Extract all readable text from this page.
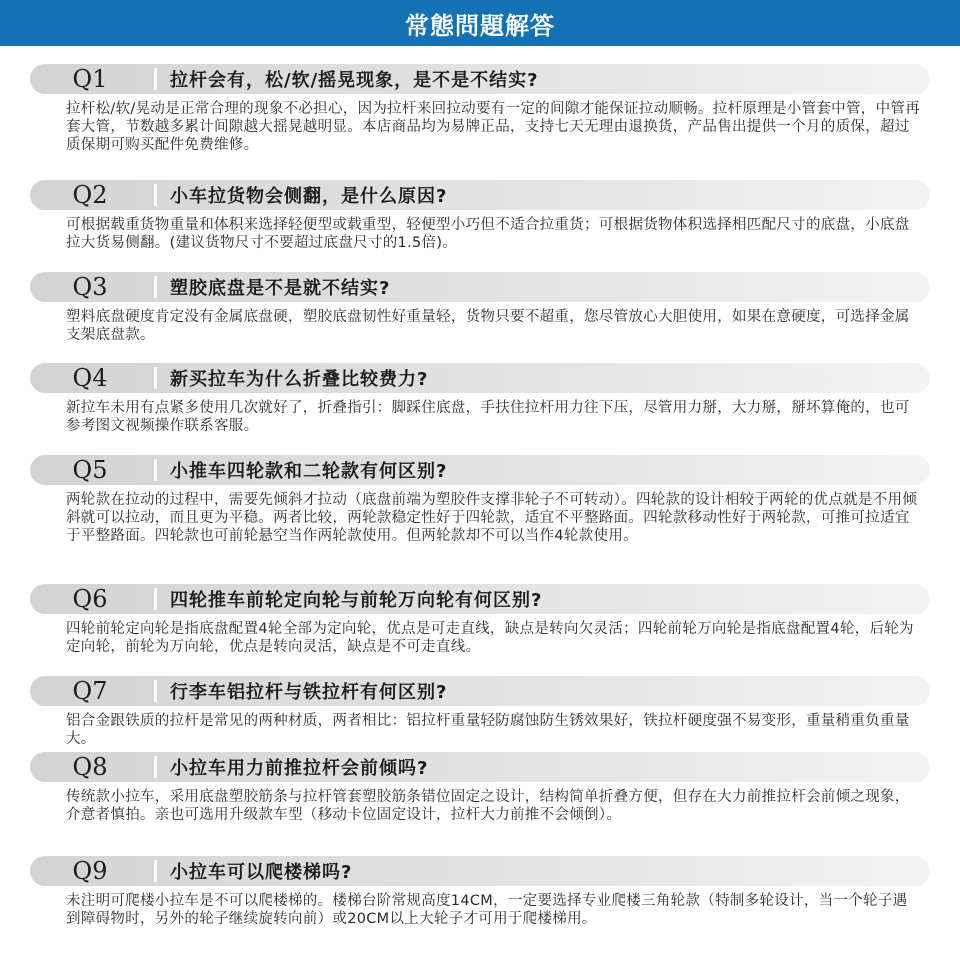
常態問題解答
Q1	拉杆会有，松/软/摇晃现象，是不是不结实?
拉杆松/软/晃动是正常合理的现象不必担心，因为拉杆来回拉动要有一定的间隙才能保证拉动顺畅。拉杆原理是小管套中管，中管再套大管，节数越多累计间隙越大摇晃越明显。本店商品均为易牌正品，支持七天无理由退换货，产品售出提供一个月的质保，超过质保期可购买配件免费维修。
Q2	小车拉货物会侧翻，是什么原因?
可根据载重货物重量和体积来选择轻便型或载重型，轻便型小巧但不适合拉重货；可根据货物体积选择相匹配尺寸的底盘，小底盘拉大货易侧翻。(建议货物尺寸不要超过底盘尺寸的1.5倍)。
Q3	塑胶底盘是不是就不结实?
塑料底盘硬度肯定没有金属底盘硬，塑胶底盘韧性好重量轻，货物只要不超重，您尽管放心大胆使用，如果在意硬度，可选择金属支架底盘款。
Q4	新买拉车为什么折叠比较费力?
新拉车未用有点紧多使用几次就好了，折叠指引：脚踩住底盘，手扶住拉杆用力往下压，尽管用力掰，大力掰，掰坏算俺的，也可参考图文视频操作联系客服。
Q5	小推车四轮款和二轮款有何区别?
两轮款在拉动的过程中，需要先倾斜才拉动（底盘前端为塑胶件支撑非轮子不可转动）。四轮款的设计相较于两轮的优点就是不用倾斜就可以拉动，而且更为平稳。两者比较，两轮款稳定性好于四轮款，适宜不平整路面。四轮款移动性好于两轮款，可推可拉适宜于平整路面。四轮款也可前轮悬空当作两轮款使用。但两轮款却不可以当作4轮款使用。
Q6	四轮推车前轮定向轮与前轮万向轮有何区别?
四轮前轮定向轮是指底盘配置4轮全部为定向轮，优点是可走直线，缺点是转向欠灵活；四轮前轮万向轮是指底盘配置4轮，后轮为定向轮，前轮为万向轮，优点是转向灵活，缺点是不可走直线。
Q7	行李车铝拉杆与铁拉杆有何区别?
铝合金跟铁质的拉杆是常见的两种材质，两者相比：铝拉杆重量轻防腐蚀防生锈效果好，铁拉杆硬度强不易变形，重量稍重负重量大。
Q8	小拉车用力前推拉杆会前倾吗?
传统款小拉车，采用底盘塑胶筋条与拉杆管套塑胶筋条错位固定之设计，结构简单折叠方便，但存在大力前推拉杆会前倾之现象，介意者慎拍。亲也可选用升级款车型（移动卡位固定设计，拉杆大力前推不会倾倒）。
Q9	小拉车可以爬楼梯吗?
未注明可爬楼小拉车是不可以爬楼梯的。楼梯台阶常规高度14CM，一定要选择专业爬楼三角轮款（特制多轮设计，当一个轮子遇到障碍物时，另外的轮子继续旋转向前）或20CM以上大轮子才可用于爬楼梯用。
